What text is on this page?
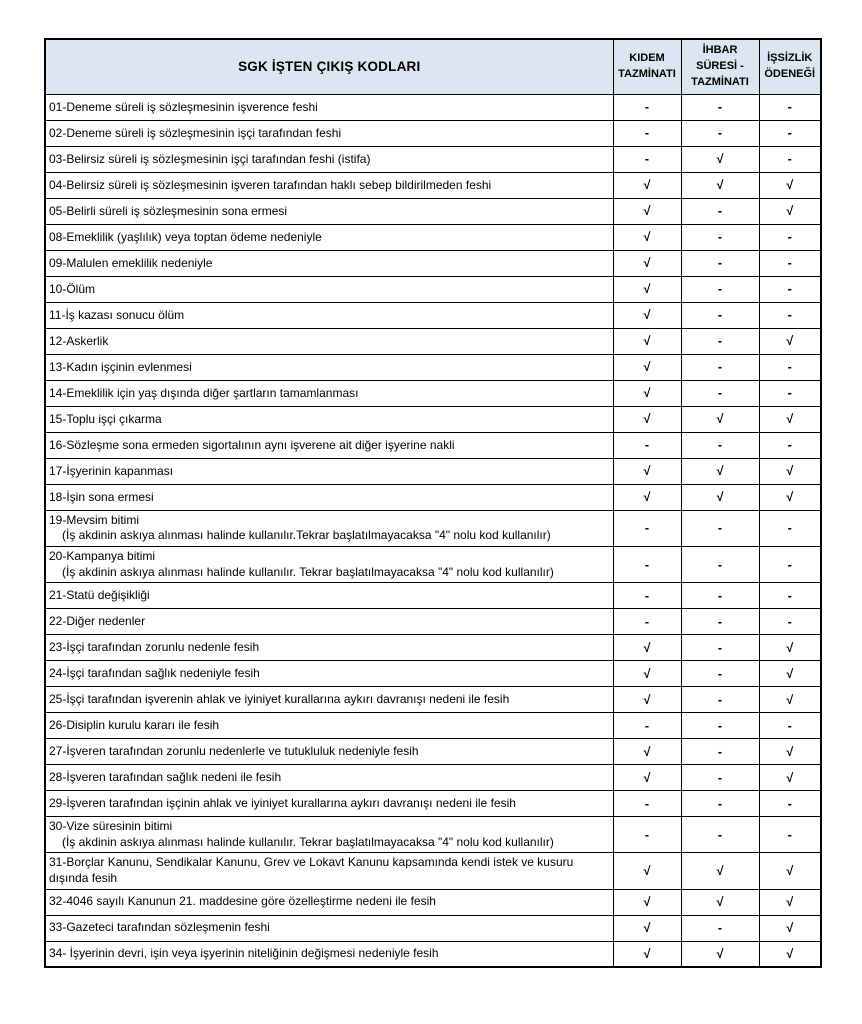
SGK İŞTEN ÇIKIŞ KODLARI	KIDEM TAZMİNATI	İHBAR SÜRESİ - TAZMİNATI	İŞSİZLİK ÖDENEĞİ

01-Deneme süreli iş sözleşmesinin işverence feshi	-	-	-

02-Deneme süreli iş sözleşmesinin işçi tarafından feshi	-	-	-

03-Belirsiz süreli iş sözleşmesinin işçi tarafından feshi (istifa)	-	√	-

04-Belirsiz süreli iş sözleşmesinin işveren tarafından haklı sebep bildirilmeden feshi	√	√	√

05-Belirli süreli iş sözleşmesinin sona ermesi	√	-	√

08-Emeklilik (yaşlılık) veya toptan ödeme nedeniyle	√	-	-

09-Malulen emeklilik nedeniyle	√	-	-

10-Ölüm	√	-	-

11-İş kazası sonucu ölüm	√	-	-

12-Askerlik	√	-	√

13-Kadın işçinin evlenmesi	√	-	-

14-Emeklilik için yaş dışında diğer şartların tamamlanması	√	-	-

15-Toplu işçi çıkarma	√	√	√

16-Sözleşme sona ermeden sigortalının aynı işverene ait diğer işyerine nakli	-	-	-

17-İşyerinin kapanması	√	√	√

18-İşin sona ermesi	√	√	√

19-Mevsim bitimi
(İş akdinin askıya alınması halinde kullanılır.Tekrar başlatılmayacaksa "4" nolu kod kullanılır)	-	-	-

20-Kampanya bitimi
(İş akdinin askıya alınması halinde kullanılır. Tekrar başlatılmayacaksa "4" nolu kod kullanılır)	-	-	-

21-Statü değişikliği	-	-	-

22-Diğer nedenler	-	-	-

23-İşçi tarafından zorunlu nedenle fesih	√	-	√

24-İşçi tarafından sağlık nedeniyle fesih	√	-	√

25-İşçi tarafından işverenin ahlak ve iyiniyet kurallarına aykırı davranışı nedeni ile fesih	√	-	√

26-Disiplin kurulu kararı ile fesih	-	-	-

27-İşveren tarafından zorunlu nedenlerle ve tutukluluk nedeniyle fesih	√	-	√

28-İşveren tarafından sağlık nedeni ile fesih	√	-	√

29-İşveren tarafından işçinin ahlak ve iyiniyet kurallarına aykırı davranışı nedeni ile fesih	-	-	-

30-Vize süresinin bitimi
(İş akdinin askıya alınması halinde kullanılır. Tekrar başlatılmayacaksa "4" nolu kod kullanılır)	-	-	-

31-Borçlar Kanunu, Sendikalar Kanunu, Grev ve Lokavt Kanunu kapsamında kendi istek ve kusuru dışında fesih	√	√	√

32-4046 sayılı Kanunun 21. maddesine göre özelleştirme nedeni ile fesih	√	√	√

33-Gazeteci tarafından sözleşmenin feshi	√	-	√

34- İşyerinin devri, işin veya işyerinin niteliğinin değişmesi nedeniyle fesih	√	√	√
